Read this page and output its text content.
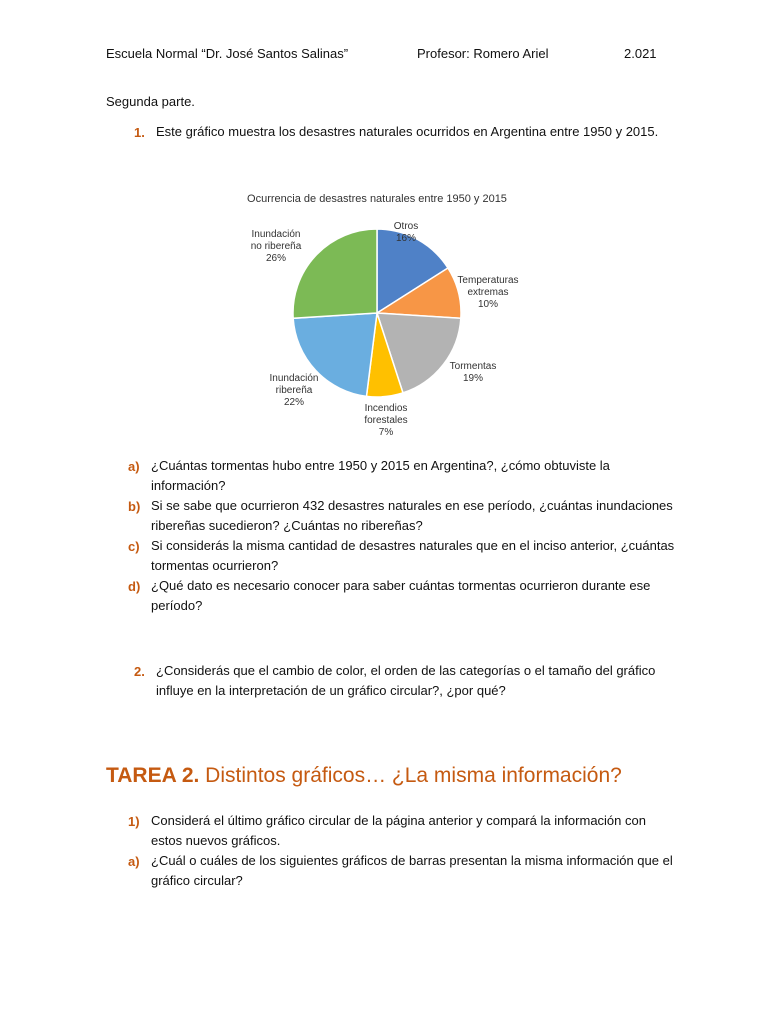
Escuela Normal “Dr. José Santos Salinas”	Profesor: Romero Ariel	2.021
Segunda parte.
1. Este gráfico muestra los desastres naturales ocurridos en Argentina entre 1950 y 2015.
Ocurrencia de desastres naturales entre 1950 y 2015
Otros
16%
Temperaturas
extremas
10%
Tormentas
19%
Incendios
forestales
7%
Inundación
ribereña
22%
Inundación
no ribereña
26%
a) ¿Cuántas tormentas hubo entre 1950 y 2015 en Argentina?, ¿cómo obtuviste la
información?
b) Si se sabe que ocurrieron 432 desastres naturales en ese período, ¿cuántas inundaciones
ribereñas sucedieron? ¿Cuántas no ribereñas?
c) Si considerás la misma cantidad de desastres naturales que en el inciso anterior, ¿cuántas
tormentas ocurrieron?
d) ¿Qué dato es necesario conocer para saber cuántas tormentas ocurrieron durante ese
período?
2. ¿Considerás que el cambio de color, el orden de las categorías o el tamaño del gráfico
influye en la interpretación de un gráfico circular?, ¿por qué?
TAREA 2. Distintos gráficos… ¿La misma información?
1) Considerá el último gráfico circular de la página anterior y compará la información con
estos nuevos gráficos.
a) ¿Cuál o cuáles de los siguientes gráficos de barras presentan la misma información que el
gráfico circular?
